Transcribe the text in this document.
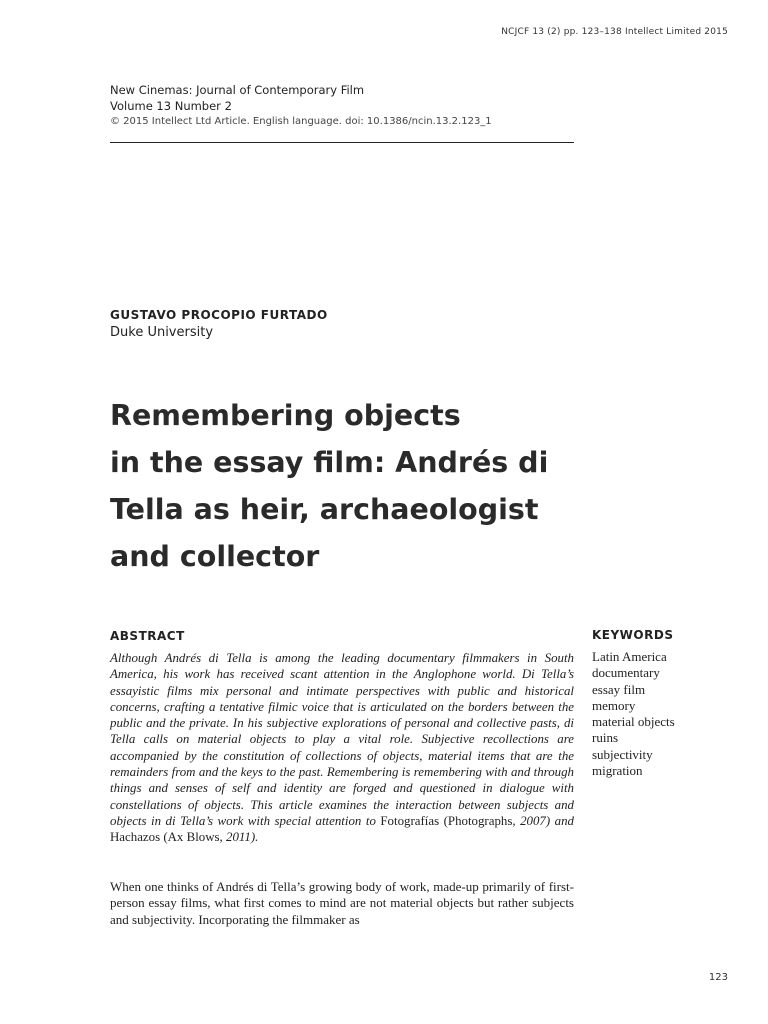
NCJCF 13 (2) pp. 123–138 Intellect Limited 2015
New Cinemas: Journal of Contemporary Film
Volume 13 Number 2
© 2015 Intellect Ltd Article. English language. doi: 10.1386/ncin.13.2.123_1
GUSTAVO PROCOPIO FURTADO
Duke University
Remembering objects
in the essay film: Andrés di
Tella as heir, archaeologist
and collector
ABSTRACT

Although Andrés di Tella is among the leading documentary filmmakers in South America, his work has received scant attention in the Anglophone world. Di Tella’s essayistic films mix personal and intimate perspectives with public and historical concerns, crafting a tentative filmic voice that is articulated on the borders between the public and the private. In his subjective explorations of personal and collective pasts, di Tella calls on material objects to play a vital role. Subjective recollections are accompanied by the constitution of collections of objects, material items that are the remainders from and the keys to the past. Remembering is remembering with and through things and senses of self and identity are forged and questioned in dialogue with constellations of objects. This article examines the interaction between subjects and objects in di Tella’s work with special attention to Fotografías (Photographs, 2007) and Hachazos (Ax Blows, 2011).

KEYWORDS
Latin America
documentary
essay film
memory
material objects
ruins
subjectivity
migration

When one thinks of Andrés di Tella’s growing body of work, made-up primarily of first-person essay films, what first comes to mind are not material objects but rather subjects and subjectivity. Incorporating the filmmaker as

123
